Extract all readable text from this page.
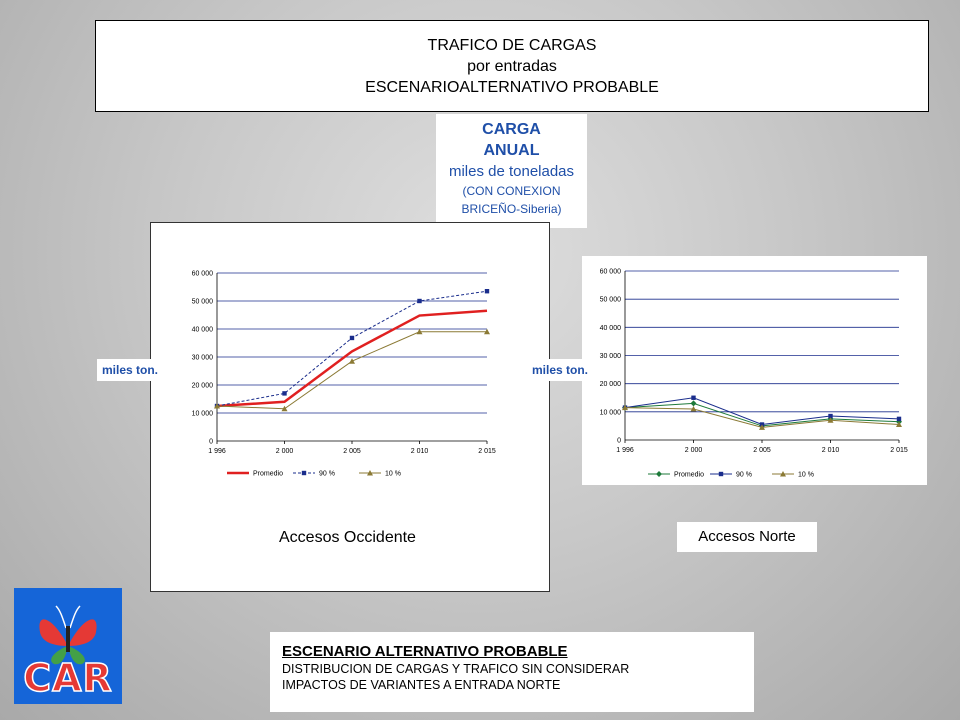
TRAFICO DE CARGAS
por entradas
ESCENARIOALTERNATIVO PROBABLE
CARGA
ANUAL
miles de toneladas
(CON CONEXION
BRICEÑO-Siberia)
0
10 000
20 000
30 000
40 000
50 000
60 000
1 996	2 000	2 005	2 010	2 015
Promedio	90 %	10 %
Accesos Occidente
0
10 000
20 000
30 000
40 000
50 000
60 000
1 996	2 000	2 005	2 010	2 015
Promedio	90 %	10 %
miles ton.	miles ton.
Accesos Norte
ESCENARIO ALTERNATIVO PROBABLE
DISTRIBUCION DE CARGAS Y TRAFICO SIN CONSIDERAR
IMPACTOS DE VARIANTES A ENTRADA NORTE
CAR
